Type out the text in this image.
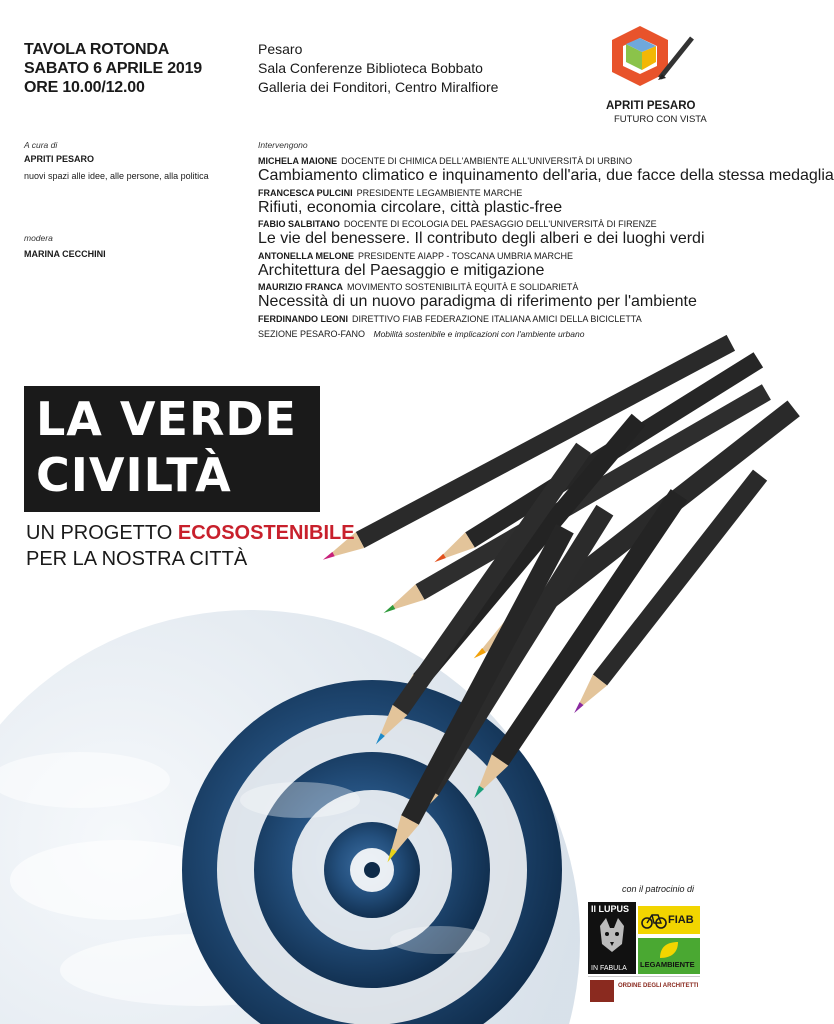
TAVOLA ROTONDA
SABATO 6 APRILE 2019
ORE 10.00/12.00
Pesaro
Sala Conferenze Biblioteca Bobbato
Galleria dei Fonditori, Centro Miralfiore
APRITI PESARO
FUTURO CON VISTA
A cura di
APRITI PESARO
nuovi spazi alle idee, alle persone, alla politica
modera
MARINA CECCHINI
Intervengono
MICHELA MAIONE DOCENTE DI CHIMICA DELL'AMBIENTE ALL'UNIVERSITÀ DI URBINO
Cambiamento climatico e inquinamento dell'aria, due facce della stessa medaglia
FRANCESCA PULCINI PRESIDENTE LEGAMBIENTE MARCHE
Rifiuti, economia circolare, città plastic-free
FABIO SALBITANO DOCENTE DI ECOLOGIA DEL PAESAGGIO DELL'UNIVERSITÀ DI FIRENZE
Le vie del benessere. Il contributo degli alberi e dei luoghi verdi
ANTONELLA MELONE PRESIDENTE AIAPP - TOSCANA UMBRIA MARCHE
Architettura del Paesaggio e mitigazione
MAURIZIO FRANCA MOVIMENTO SOSTENIBILITÀ EQUITÀ E SOLIDARIETÀ
Necessità di un nuovo paradigma di riferimento per l'ambiente
FERDINANDO LEONI DIRETTIVO FIAB FEDERAZIONE ITALIANA AMICI DELLA BICICLETTA
SEZIONE PESARO-FANO Mobilità sostenibile e implicazioni con l'ambiente urbano
LA VERDE
CIVILTÀ
UN PROGETTO ECOSOSTENIBILE
PER LA NOSTRA CITTÀ
con il patrocinio di
Il LUPUS
IN FABULA
FIAB
LEGAMBIENTE
ORDINE DEGLI ARCHITETTI
